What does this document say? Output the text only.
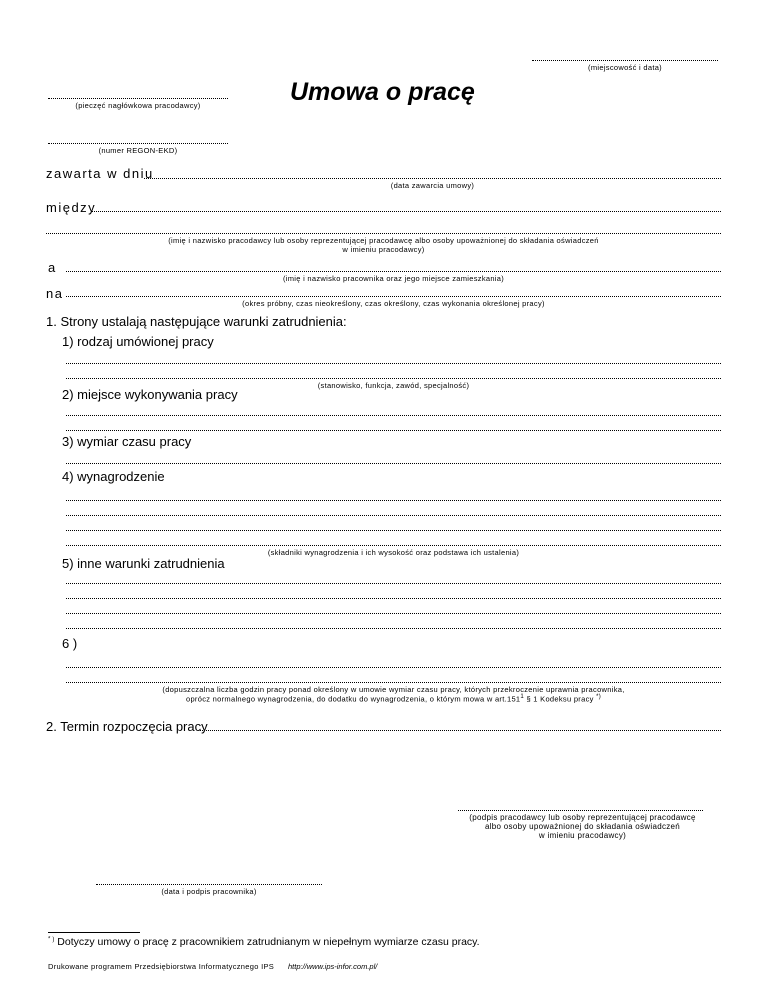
(miejscowość i data)
(pieczęć nagłówkowa pracodawcy)	Umowa o pracę
(numer REGON-EKD)
zawarta w dniu
(data zawarcia umowy)
między
(imię i nazwisko pracodawcy lub osoby reprezentującej pracodawcę albo osoby upoważnionej do składania oświadczeń
w imieniu pracodawcy)
a
(imię i nazwisko pracownika oraz jego miejsce zamieszkania)
na
(okres próbny, czas nieokreślony, czas określony, czas wykonania określonej pracy)
1. Strony ustalają następujące warunki zatrudnienia:
1) rodzaj umówionej pracy
(stanowisko, funkcja, zawód, specjalność)
2) miejsce wykonywania pracy
3) wymiar czasu pracy
4) wynagrodzenie
(składniki wynagrodzenia i ich wysokość oraz podstawa ich ustalenia)
5) inne warunki zatrudnienia
6 )
(dopuszczalna liczba godzin pracy ponad określony w umowie wymiar czasu pracy, których przekroczenie uprawnia pracownika,
oprócz normalnego wynagrodzenia, do dodatku do wynagrodzenia, o którym mowa w art.151$^1$ § 1 Kodeksu pracy *)
2. Termin rozpoczęcia pracy
(podpis pracodawcy lub osoby reprezentującej pracodawcę
albo osoby upoważnionej do składania oświadczeń
w imieniu pracodawcy)
(data i podpis pracownika)
* ) Dotyczy umowy o pracę z pracownikiem zatrudnianym w niepełnym wymiarze czasu pracy.
Drukowane programem Przedsiębiorstwa Informatycznego IPS http://www.ips-infor.com.pl/
